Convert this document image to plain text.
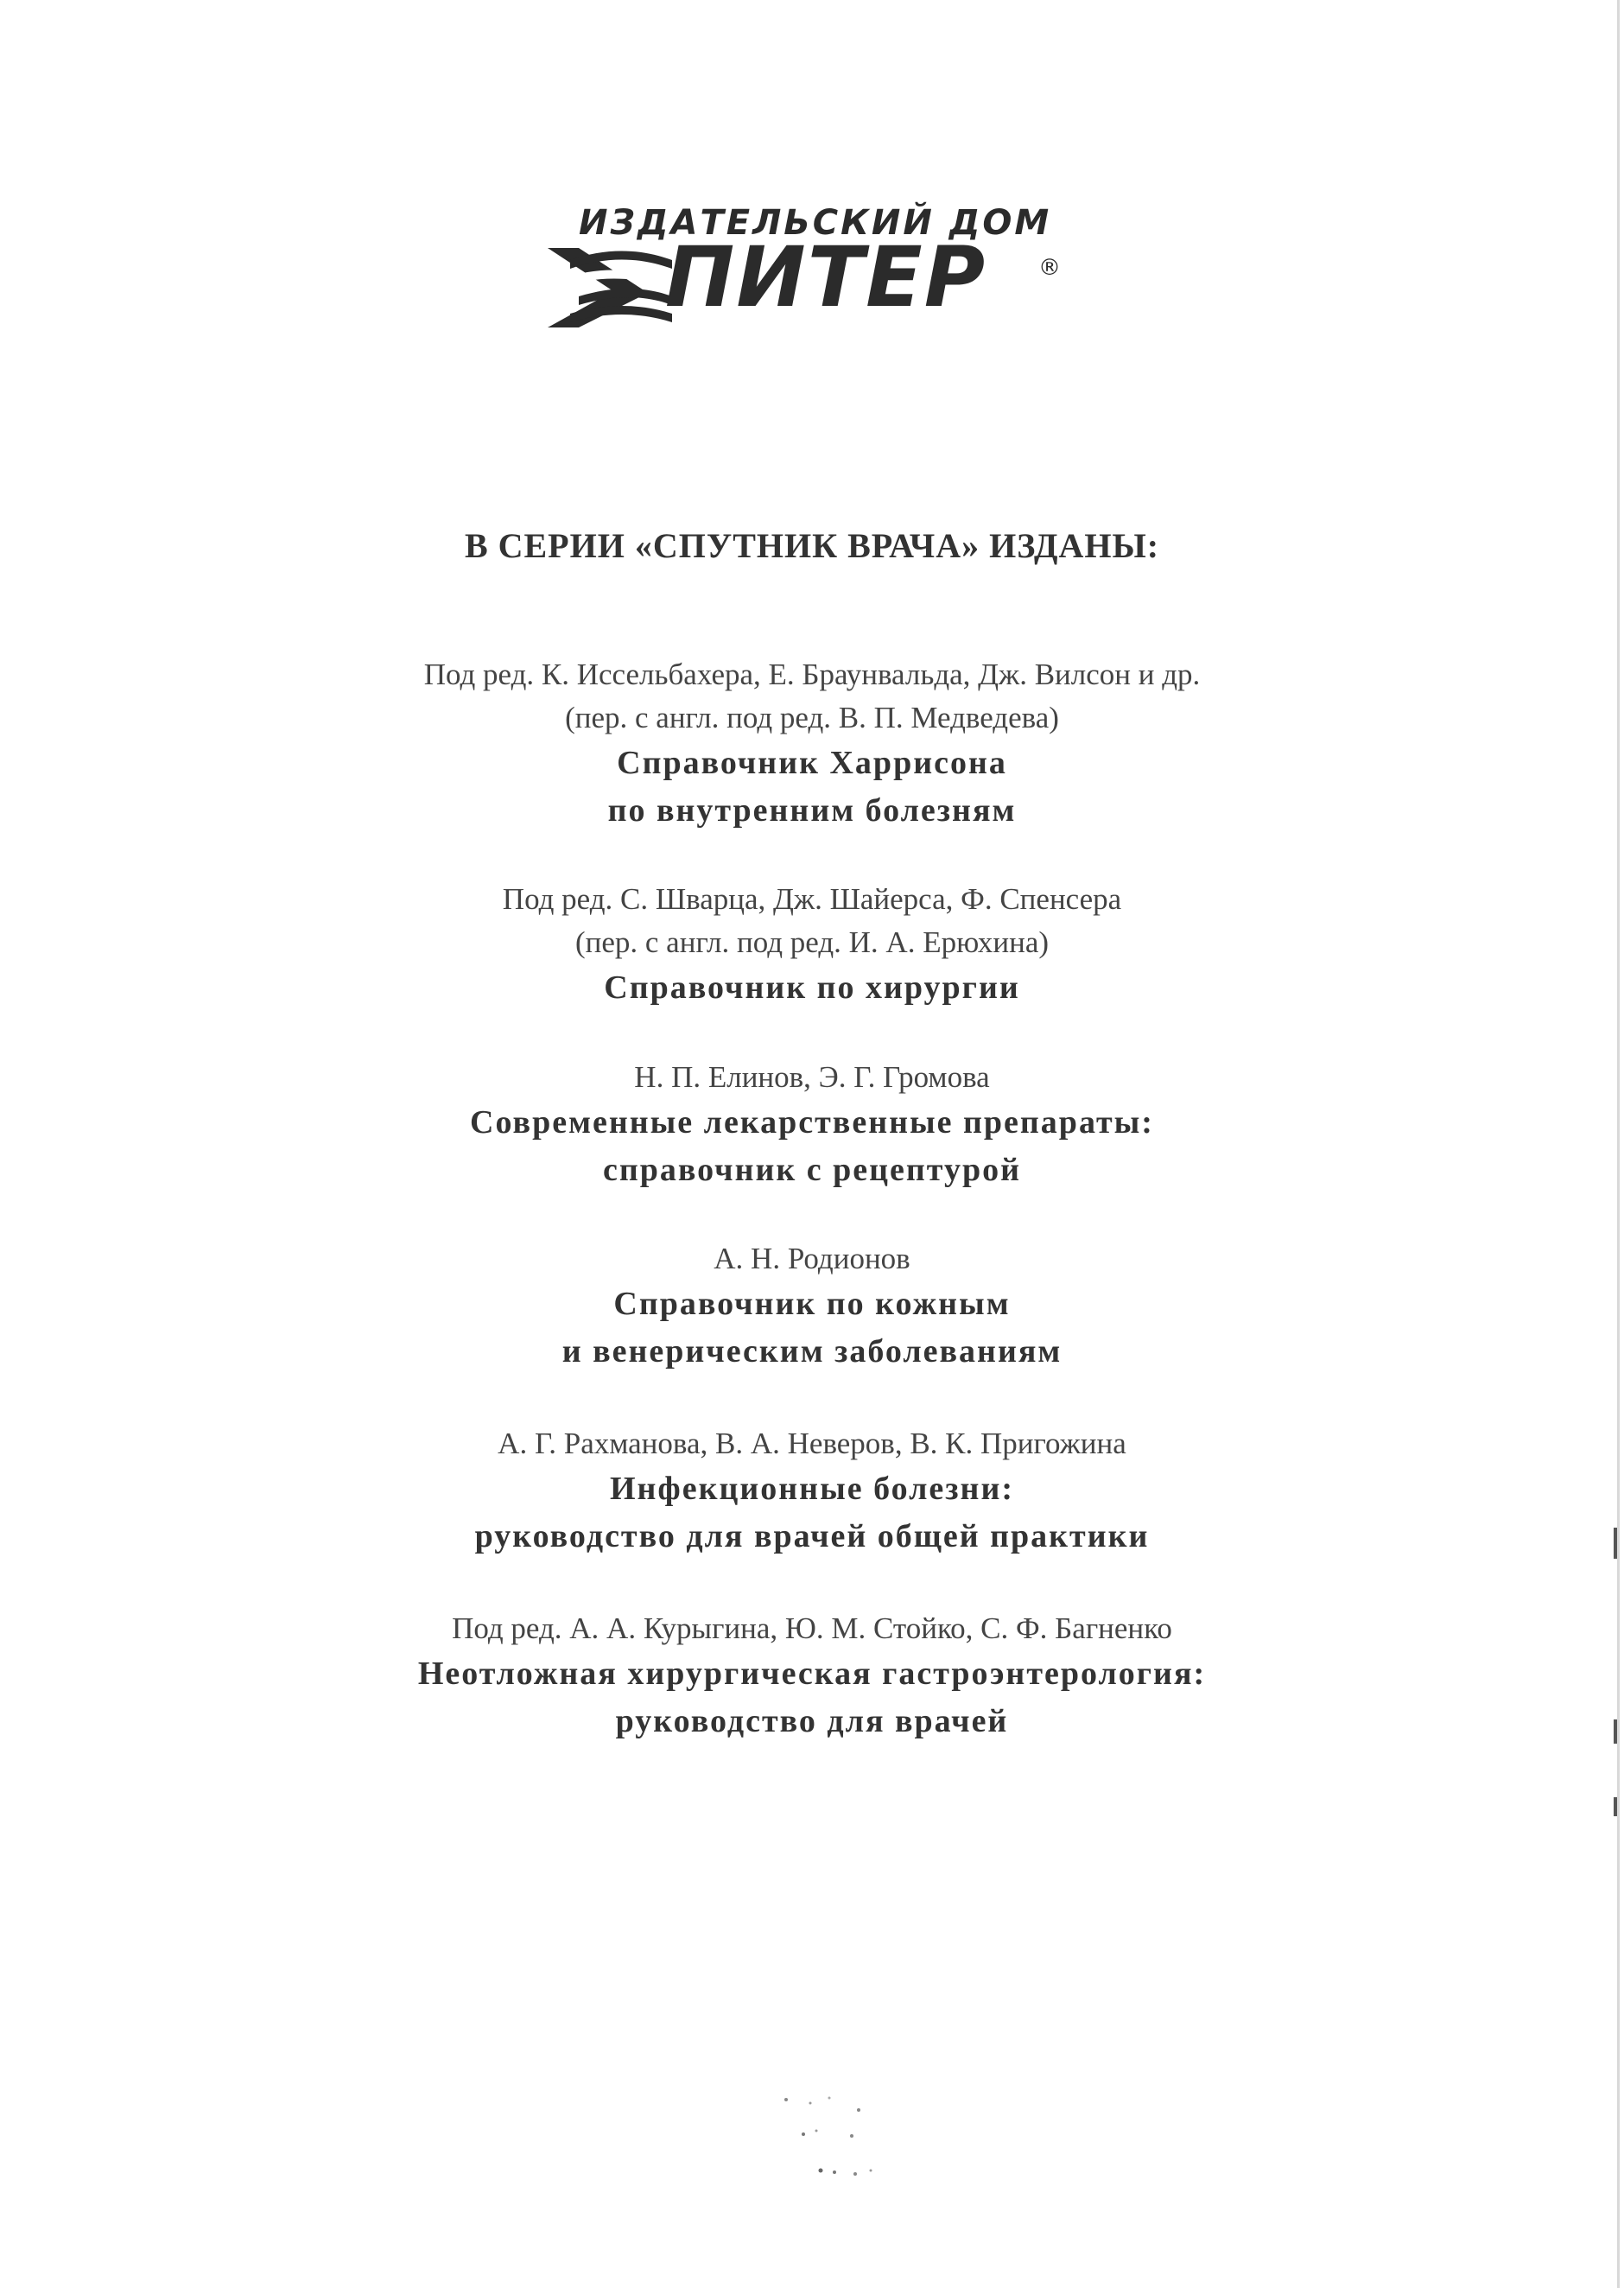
ИЗДАТЕЛЬСКИЙ ДОМ
ПИТЕР ®
В СЕРИИ «СПУТНИК ВРАЧА» ИЗДАНЫ:
Под ред. К. Иссельбахера, Е. Браунвальда, Дж. Вилсон и др.
(пер. с англ. под ред. В. П. Медведева)
Справочник Харрисона
по внутренним болезням
Под ред. С. Шварца, Дж. Шайерса, Ф. Спенсера
(пер. с англ. под ред. И. А. Ерюхина)
Справочник по хирургии
Н. П. Елинов, Э. Г. Громова
Современные лекарственные препараты:
справочник с рецептурой
А. Н. Родионов
Справочник по кожным
и венерическим заболеваниям
А. Г. Рахманова, В. А. Неверов, В. К. Пригожина
Инфекционные болезни:
руководство для врачей общей практики
Под ред. А. А. Курыгина, Ю. М. Стойко, С. Ф. Багненко
Неотложная хирургическая гастроэнтерология:
руководство для врачей
